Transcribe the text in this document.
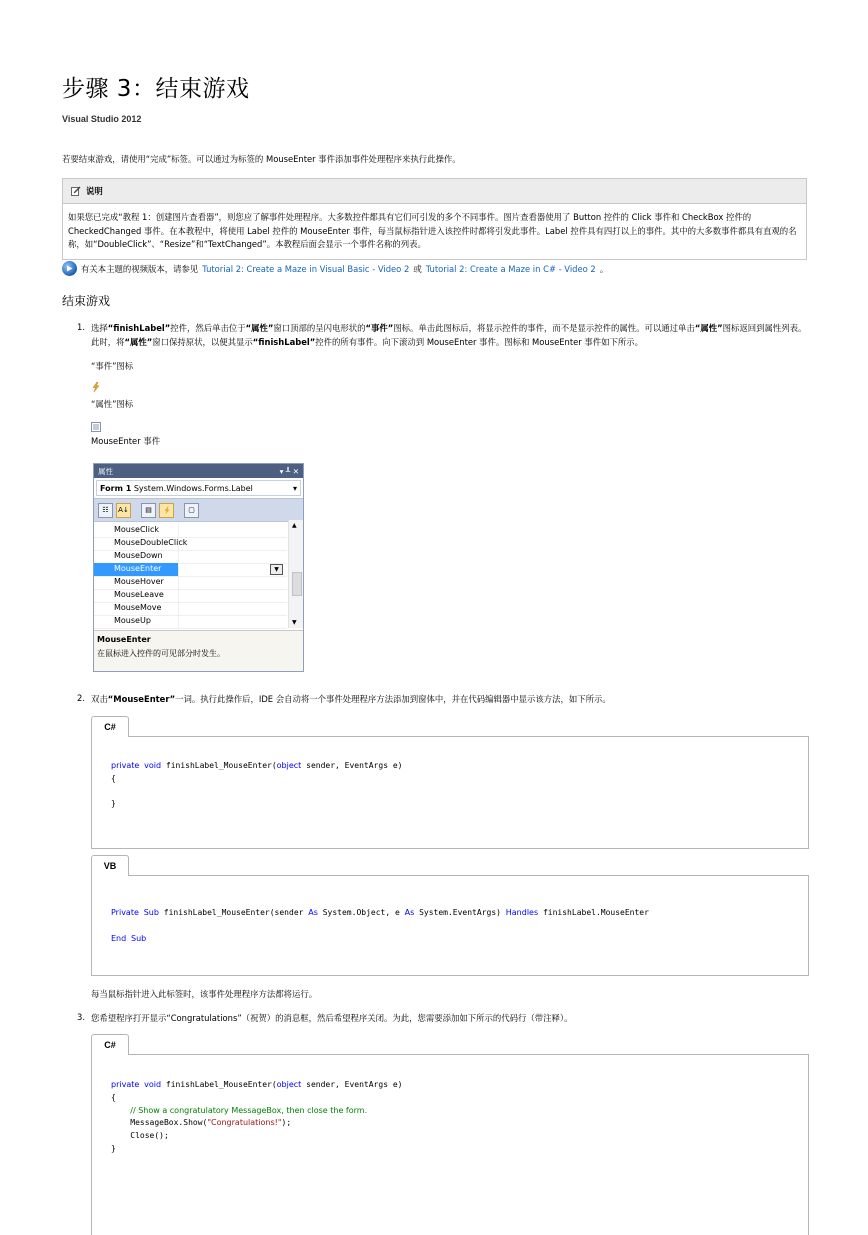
步骤 3：结束游戏
Visual Studio 2012
若要结束游戏，请使用“完成”标签。可以通过为标签的 MouseEnter 事件添加事件处理程序来执行此操作。
说明
如果您已完成“教程 1：创建图片查看器”，则您应了解事件处理程序。大多数控件都具有它们可引发的多个不同事件。图片查看器使用了 Button 控件的 Click 事件和 CheckBox 控件的 CheckedChanged 事件。在本教程中，将使用 Label 控件的 MouseEnter 事件，每当鼠标指针进入该控件时都将引发此事件。Label 控件具有四打以上的事件。其中的大多数事件都具有直观的名称，如“DoubleClick”、“Resize”和“TextChanged”。本教程后面会显示一个事件名称的列表。
有关本主题的视频版本，请参见 Tutorial 2: Create a Maze in Visual Basic - Video 2 或 Tutorial 2: Create a Maze in C# - Video 2 。
结束游戏
1. 选择“finishLabel”控件，然后单击位于“属性”窗口顶部的呈闪电形状的“事件”图标。单击此图标后，将显示控件的事件，而不是显示控件的属性。可以通过单击“属性”图标返回到属性列表。此时，将“属性”窗口保持原状，以便其显示“finishLabel”控件的所有事件。向下滚动到 MouseEnter 事件。图标和 MouseEnter 事件如下所示。
“事件”图标
“属性”图标
MouseEnter 事件
属性	▾ ╨ ✕
Form 1 System.Windows.Forms.Label	▾
☷	A↓	▤	▢
MouseClick
MouseDoubleClick
MouseDown
MouseEnter	▼
MouseHover
MouseLeave
MouseMove
MouseUp
▲
▼
MouseEnter
在鼠标进入控件的可见部分时发生。
2. 双击“MouseEnter”一词。执行此操作后，IDE 会自动将一个事件处理程序方法添加到窗体中，并在代码编辑器中显示该方法，如下所示。
C#
private void finishLabel_MouseEnter(object sender, EventArgs e)
{

}
VB
Private Sub finishLabel_MouseEnter(sender As System.Object, e As System.EventArgs) Handles finishLabel.MouseEnter
End Sub
每当鼠标指针进入此标签时，该事件处理程序方法都将运行。
3. 您希望程序打开显示“Congratulations”（祝贺）的消息框，然后希望程序关闭。为此，您需要添加如下所示的代码行（带注释）。
C#
private void finishLabel_MouseEnter(object sender, EventArgs e)
{
// Show a congratulatory MessageBox, then close the form.
MessageBox.Show("Congratulations!");
Close();
}
